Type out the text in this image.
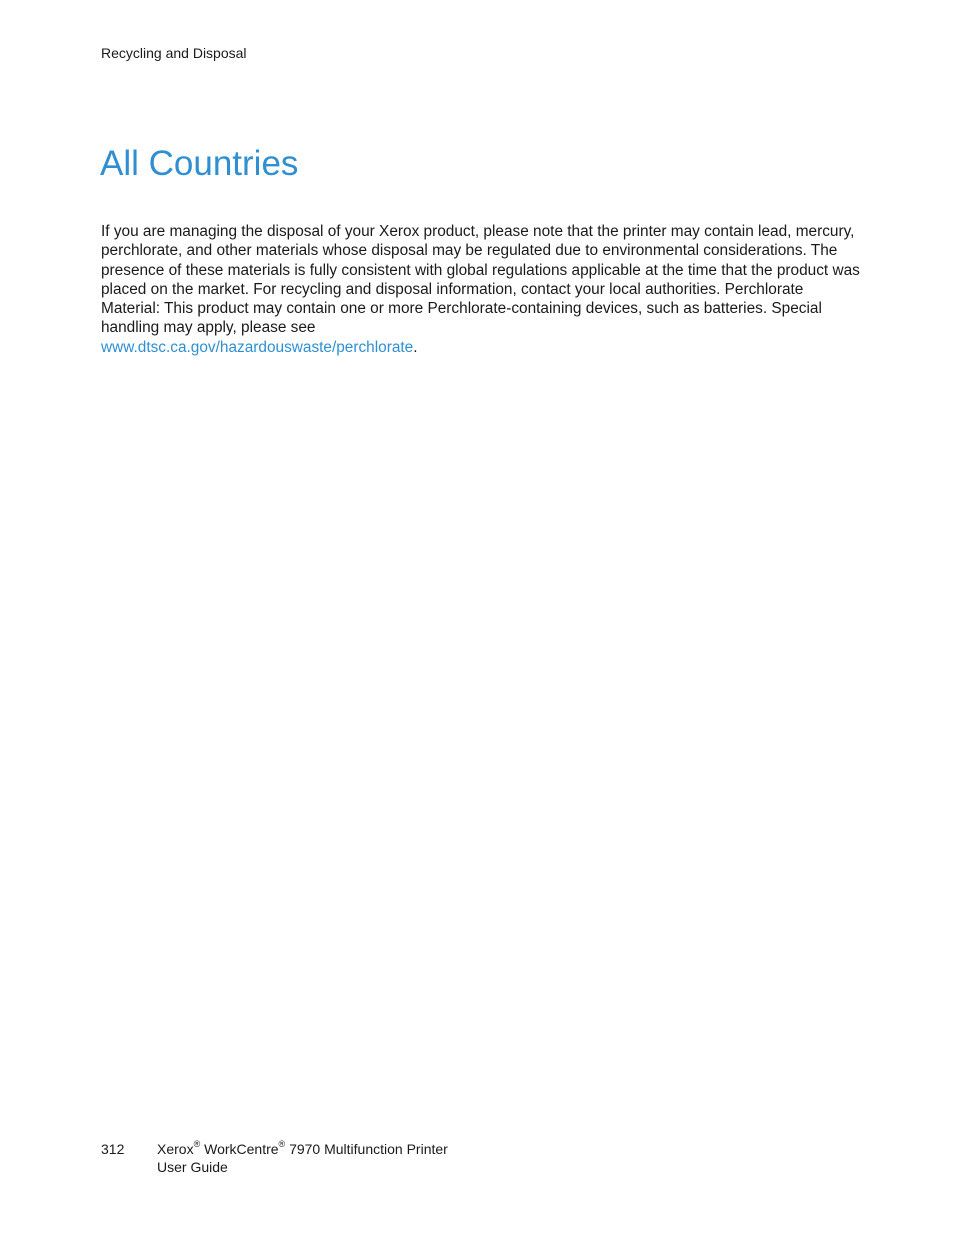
Recycling and Disposal
All Countries

If you are managing the disposal of your Xerox product, please note that the printer may contain lead, mercury, perchlorate, and other materials whose disposal may be regulated due to environmental considerations. The presence of these materials is fully consistent with global regulations applicable at the time that the product was placed on the market. For recycling and disposal information, contact your local authorities. Perchlorate Material: This product may contain one or more Perchlorate-containing devices, such as batteries. Special handling may apply, please see
www.dtsc.ca.gov/hazardouswaste/perchlorate.

312 Xerox® WorkCentre® 7970 Multifunction Printer
User Guide
